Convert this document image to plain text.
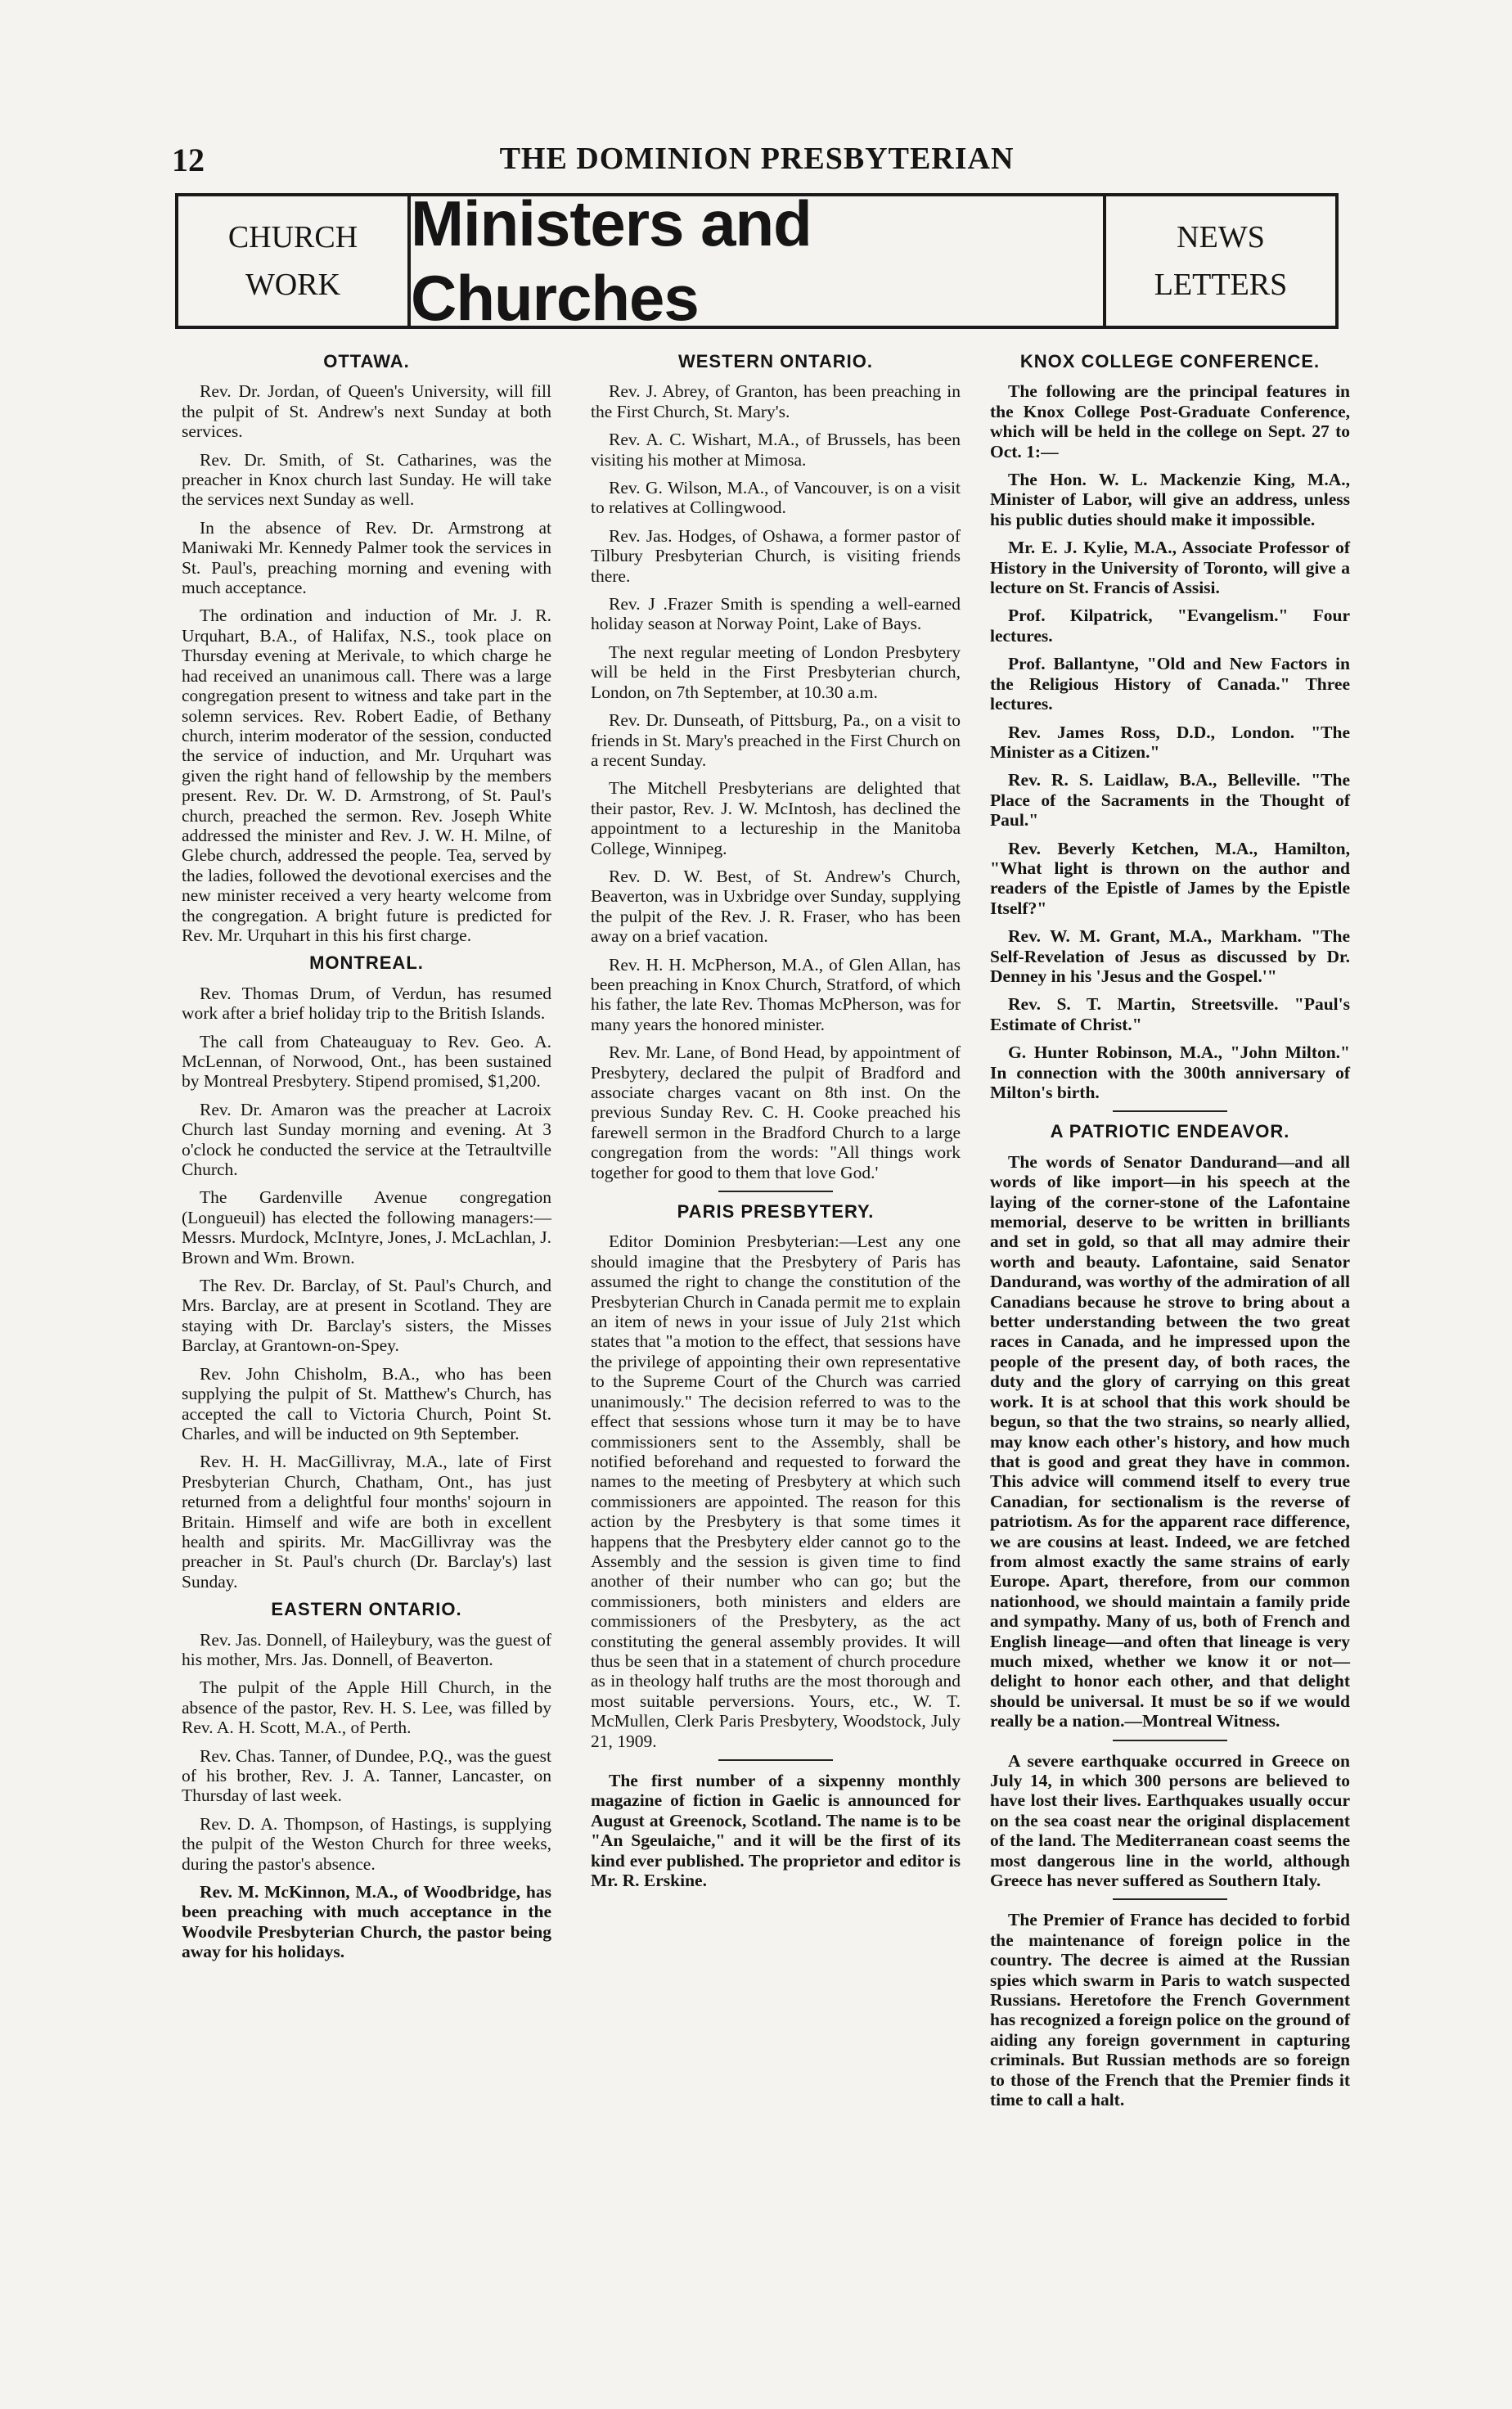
12	THE DOMINION PRESBYTERIAN
CHURCH
WORK
Ministers and Churches
NEWS
LETTERS
OTTAWA.

Rev. Dr. Jordan, of Queen's University, will fill the pulpit of St. Andrew's next Sunday at both services.

Rev. Dr. Smith, of St. Catharines, was the preacher in Knox church last Sunday. He will take the services next Sunday as well.

In the absence of Rev. Dr. Armstrong at Maniwaki Mr. Kennedy Palmer took the services in St. Paul's, preaching morning and evening with much acceptance.

The ordination and induction of Mr. J. R. Urquhart, B.A., of Halifax, N.S., took place on Thursday evening at Merivale, to which charge he had received an unanimous call. There was a large congregation present to witness and take part in the solemn services. Rev. Robert Eadie, of Bethany church, interim moderator of the session, conducted the service of induction, and Mr. Urquhart was given the right hand of fellowship by the members present. Rev. Dr. W. D. Armstrong, of St. Paul's church, preached the sermon. Rev. Joseph White addressed the minister and Rev. J. W. H. Milne, of Glebe church, addressed the people. Tea, served by the ladies, followed the devotional exercises and the new minister received a very hearty welcome from the congregation. A bright future is predicted for Rev. Mr. Urquhart in this his first charge.

MONTREAL.

Rev. Thomas Drum, of Verdun, has resumed work after a brief holiday trip to the British Islands.

The call from Chateauguay to Rev. Geo. A. McLennan, of Norwood, Ont., has been sustained by Montreal Presbytery. Stipend promised, $1,200.

Rev. Dr. Amaron was the preacher at Lacroix Church last Sunday morning and evening. At 3 o'clock he conducted the service at the Tetraultville Church.

The Gardenville Avenue congregation (Longueuil) has elected the following managers:—Messrs. Murdock, McIntyre, Jones, J. McLachlan, J. Brown and Wm. Brown.

The Rev. Dr. Barclay, of St. Paul's Church, and Mrs. Barclay, are at present in Scotland. They are staying with Dr. Barclay's sisters, the Misses Barclay, at Grantown-on-Spey.

Rev. John Chisholm, B.A., who has been supplying the pulpit of St. Matthew's Church, has accepted the call to Victoria Church, Point St. Charles, and will be inducted on 9th September.

Rev. H. H. MacGillivray, M.A., late of First Presbyterian Church, Chatham, Ont., has just returned from a delightful four months' sojourn in Britain. Himself and wife are both in excellent health and spirits. Mr. MacGillivray was the preacher in St. Paul's church (Dr. Barclay's) last Sunday.

EASTERN ONTARIO.

Rev. Jas. Donnell, of Haileybury, was the guest of his mother, Mrs. Jas. Donnell, of Beaverton.

The pulpit of the Apple Hill Church, in the absence of the pastor, Rev. H. S. Lee, was filled by Rev. A. H. Scott, M.A., of Perth.

Rev. Chas. Tanner, of Dundee, P.Q., was the guest of his brother, Rev. J. A. Tanner, Lancaster, on Thursday of last week.

Rev. D. A. Thompson, of Hastings, is supplying the pulpit of the Weston Church for three weeks, during the pastor's absence.

Rev. M. McKinnon, M.A., of Woodbridge, has been preaching with much acceptance in the Woodvile Presbyterian Church, the pastor being away for his holidays.

WESTERN ONTARIO.

Rev. J. Abrey, of Granton, has been preaching in the First Church, St. Mary's.

Rev. A. C. Wishart, M.A., of Brussels, has been visiting his mother at Mimosa.

Rev. G. Wilson, M.A., of Vancouver, is on a visit to relatives at Collingwood.

Rev. Jas. Hodges, of Oshawa, a former pastor of Tilbury Presbyterian Church, is visiting friends there.

Rev. J .Frazer Smith is spending a well-earned holiday season at Norway Point, Lake of Bays.

The next regular meeting of London Presbytery will be held in the First Presbyterian church, London, on 7th September, at 10.30 a.m.

Rev. Dr. Dunseath, of Pittsburg, Pa., on a visit to friends in St. Mary's preached in the First Church on a recent Sunday.

The Mitchell Presbyterians are delighted that their pastor, Rev. J. W. McIntosh, has declined the appointment to a lectureship in the Manitoba College, Winnipeg.

Rev. D. W. Best, of St. Andrew's Church, Beaverton, was in Uxbridge over Sunday, supplying the pulpit of the Rev. J. R. Fraser, who has been away on a brief vacation.

Rev. H. H. McPherson, M.A., of Glen Allan, has been preaching in Knox Church, Stratford, of which his father, the late Rev. Thomas McPherson, was for many years the honored minister.

Rev. Mr. Lane, of Bond Head, by appointment of Presbytery, declared the pulpit of Bradford and associate charges vacant on 8th inst. On the previous Sunday Rev. C. H. Cooke preached his farewell sermon in the Bradford Church to a large congregation from the words: "All things work together for good to them that love God.'

PARIS PRESBYTERY.

Editor Dominion Presbyterian:—Lest any one should imagine that the Presbytery of Paris has assumed the right to change the constitution of the Presbyterian Church in Canada permit me to explain an item of news in your issue of July 21st which states that "a motion to the effect, that sessions have the privilege of appointing their own representative to the Supreme Court of the Church was carried unanimously." The decision referred to was to the effect that sessions whose turn it may be to have commissioners sent to the Assembly, shall be notified beforehand and requested to forward the names to the meeting of Presbytery at which such commissioners are appointed. The reason for this action by the Presbytery is that some times it happens that the Presbytery elder cannot go to the Assembly and the session is given time to find another of their number who can go; but the commissioners, both ministers and elders are commissioners of the Presbytery, as the act constituting the general assembly provides. It will thus be seen that in a statement of church procedure as in theology half truths are the most thorough and most suitable perversions. Yours, etc., W. T. McMullen, Clerk Paris Presbytery, Woodstock, July 21, 1909.

The first number of a sixpenny monthly magazine of fiction in Gaelic is announced for August at Greenock, Scotland. The name is to be "An Sgeulaiche," and it will be the first of its kind ever published. The proprietor and editor is Mr. R. Erskine.

KNOX COLLEGE CONFERENCE.

The following are the principal features in the Knox College Post-Graduate Conference, which will be held in the college on Sept. 27 to Oct. 1:—

The Hon. W. L. Mackenzie King, M.A., Minister of Labor, will give an address, unless his public duties should make it impossible.

Mr. E. J. Kylie, M.A., Associate Professor of History in the University of Toronto, will give a lecture on St. Francis of Assisi.

Prof. Kilpatrick, "Evangelism." Four lectures.

Prof. Ballantyne, "Old and New Factors in the Religious History of Canada." Three lectures.

Rev. James Ross, D.D., London. "The Minister as a Citizen."

Rev. R. S. Laidlaw, B.A., Belleville. "The Place of the Sacraments in the Thought of Paul."

Rev. Beverly Ketchen, M.A., Hamilton, "What light is thrown on the author and readers of the Epistle of James by the Epistle Itself?"

Rev. W. M. Grant, M.A., Markham. "The Self-Revelation of Jesus as discussed by Dr. Denney in his 'Jesus and the Gospel.'"

Rev. S. T. Martin, Streetsville. "Paul's Estimate of Christ."

G. Hunter Robinson, M.A., "John Milton." In connection with the 300th anniversary of Milton's birth.

A PATRIOTIC ENDEAVOR.

The words of Senator Dandurand—and all words of like import—in his speech at the laying of the corner-stone of the Lafontaine memorial, deserve to be written in brilliants and set in gold, so that all may admire their worth and beauty. Lafontaine, said Senator Dandurand, was worthy of the admiration of all Canadians because he strove to bring about a better understanding between the two great races in Canada, and he impressed upon the people of the present day, of both races, the duty and the glory of carrying on this great work. It is at school that this work should be begun, so that the two strains, so nearly allied, may know each other's history, and how much that is good and great they have in common. This advice will commend itself to every true Canadian, for sectionalism is the reverse of patriotism. As for the apparent race difference, we are cousins at least. Indeed, we are fetched from almost exactly the same strains of early Europe. Apart, therefore, from our common nationhood, we should maintain a family pride and sympathy. Many of us, both of French and English lineage—and often that lineage is very much mixed, whether we know it or not—delight to honor each other, and that delight should be universal. It must be so if we would really be a nation.—Montreal Witness.

A severe earthquake occurred in Greece on July 14, in which 300 persons are believed to have lost their lives. Earthquakes usually occur on the sea coast near the original displacement of the land. The Mediterranean coast seems the most dangerous line in the world, although Greece has never suffered as Southern Italy.

The Premier of France has decided to forbid the maintenance of foreign police in the country. The decree is aimed at the Russian spies which swarm in Paris to watch suspected Russians. Heretofore the French Government has recognized a foreign police on the ground of aiding any foreign government in capturing criminals. But Russian methods are so foreign to those of the French that the Premier finds it time to call a halt.
